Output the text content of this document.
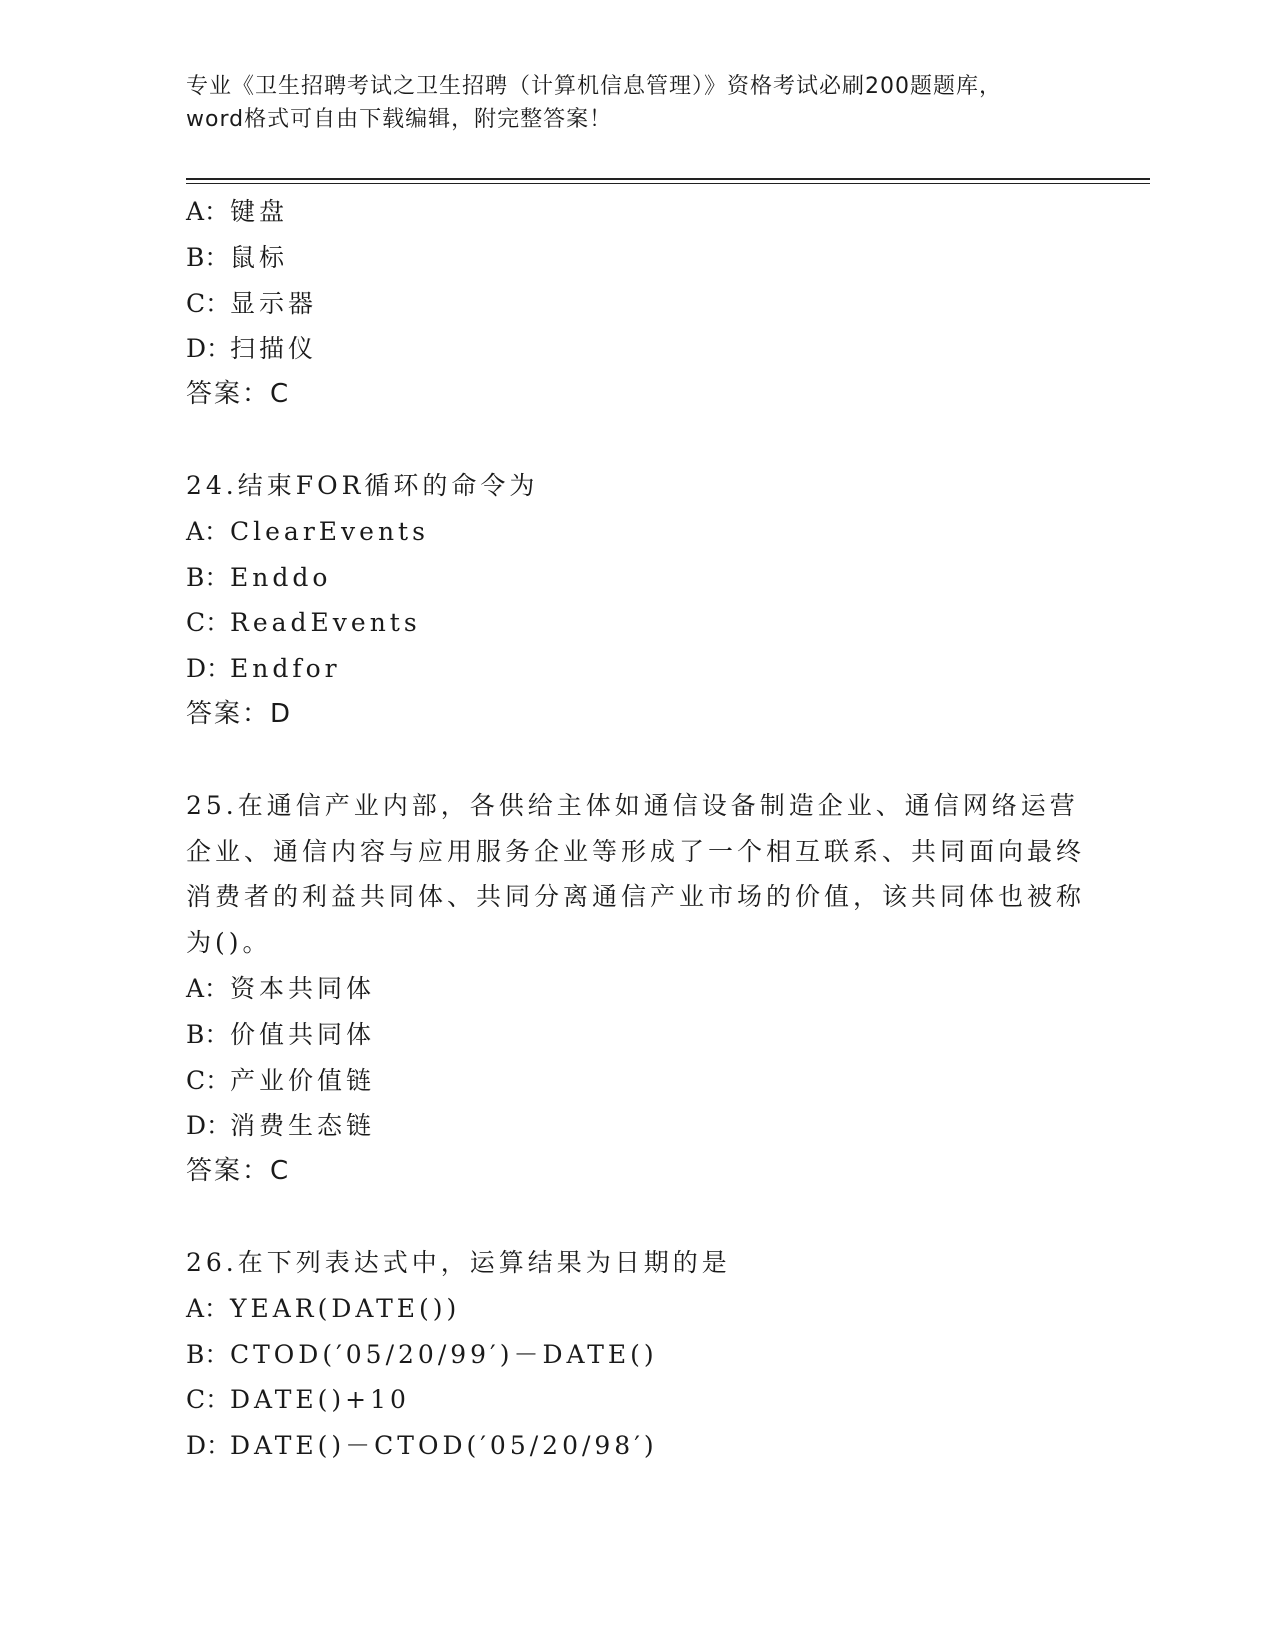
专业《卫生招聘考试之卫生招聘（计算机信息管理）》资格考试必刷200题题库，
word格式可自由下载编辑，附完整答案！
A：键盘
B：鼠标
C：显示器
D：扫描仪
答案：C
24.结束FOR循环的命令为
A：ClearEvents
B：Enddo
C：ReadEvents
D：Endfor
答案：D
25.在通信产业内部，各供给主体如通信设备制造企业、通信网络运营企业、通信内容与应用服务企业等形成了一个相互联系、共同面向最终消费者的利益共同体、共同分离通信产业市场的价值，该共同体也被称为()。
A：资本共同体
B：价值共同体
C：产业价值链
D：消费生态链
答案：C
26.在下列表达式中，运算结果为日期的是
A：YEAR(DATE())
B：CTOD(′05/20/99′)－DATE()
C：DATE()+10
D：DATE()－CTOD(′05/20/98′)
